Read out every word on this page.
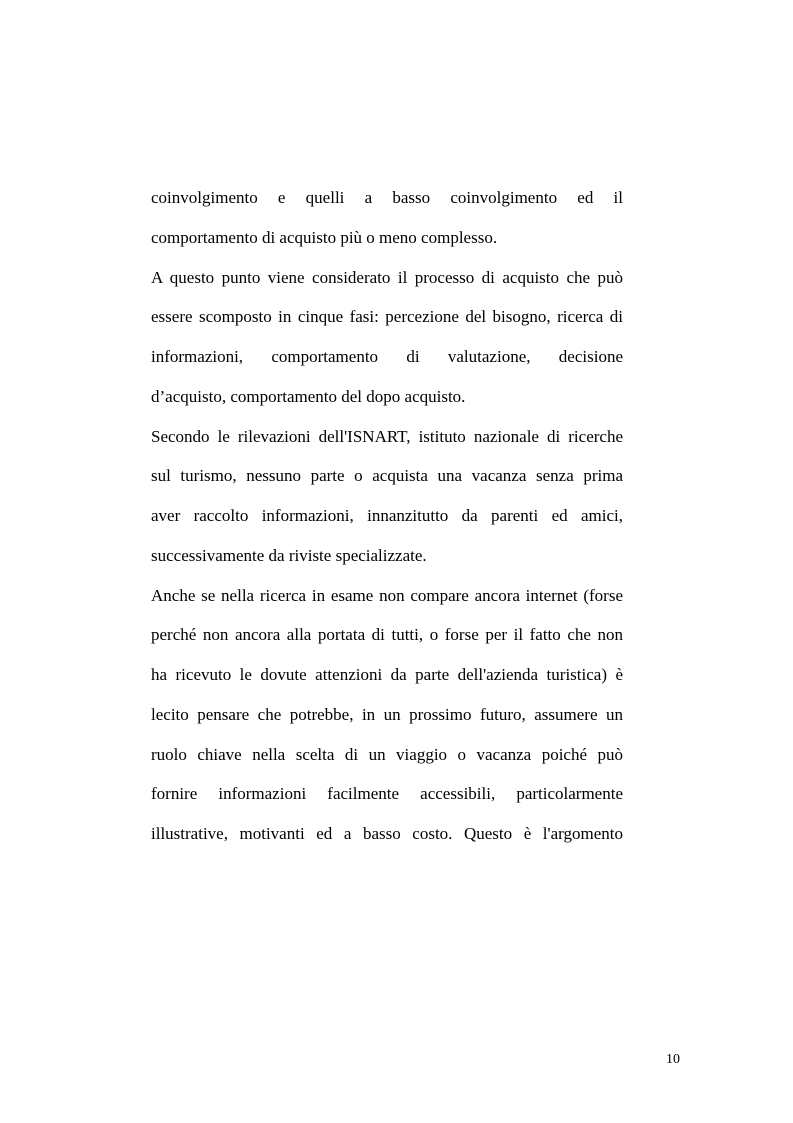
coinvolgimento e quelli a basso coinvolgimento ed il
comportamento di acquisto più o meno complesso.
A questo punto viene considerato il processo di acquisto che può
essere scomposto in cinque fasi: percezione del bisogno, ricerca di
informazioni, comportamento di valutazione, decisione
d’acquisto, comportamento del dopo acquisto.
Secondo le rilevazioni dell'ISNART, istituto nazionale di ricerche
sul turismo, nessuno parte o acquista una vacanza senza prima
aver raccolto informazioni, innanzitutto da parenti ed amici,
successivamente da riviste specializzate.
Anche se nella ricerca in esame non compare ancora internet (forse
perché non ancora alla portata di tutti, o forse per il fatto che non
ha ricevuto le dovute attenzioni da parte dell'azienda turistica) è
lecito pensare che potrebbe, in un prossimo futuro, assumere un
ruolo chiave nella scelta di un viaggio o vacanza poiché può
fornire informazioni facilmente accessibili, particolarmente
illustrative, motivanti ed a basso costo. Questo è l'argomento
10
